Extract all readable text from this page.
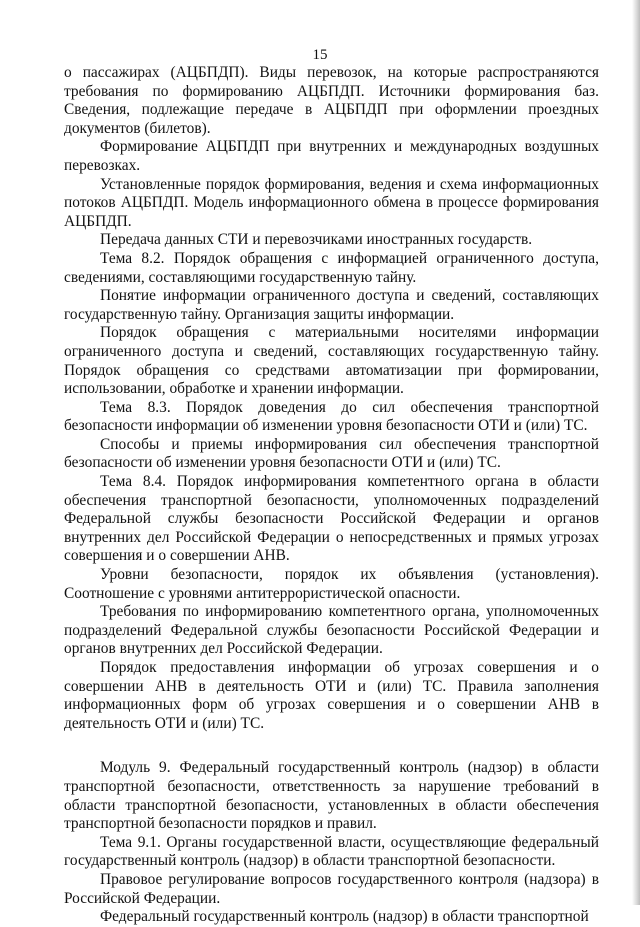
15

о пассажирах (АЦБПДП). Виды перевозок, на которые распространяются требования по формированию АЦБПДП. Источники формирования баз. Сведения, подлежащие передаче в АЦБПДП при оформлении проездных документов (билетов).

Формирование АЦБПДП при внутренних и международных воздушных перевозках.

Установленные порядок формирования, ведения и схема информационных потоков АЦБПДП. Модель информационного обмена в процессе формирования АЦБПДП.

Передача данных СТИ и перевозчиками иностранных государств.

Тема 8.2. Порядок обращения с информацией ограниченного доступа, сведениями, составляющими государственную тайну.

Понятие информации ограниченного доступа и сведений, составляющих государственную тайну. Организация защиты информации.

Порядок обращения с материальными носителями информации ограниченного доступа и сведений, составляющих государственную тайну. Порядок обращения со средствами автоматизации при формировании, использовании, обработке и хранении информации.

Тема 8.3. Порядок доведения до сил обеспечения транспортной безопасности информации об изменении уровня безопасности ОТИ и (или) ТС.

Способы и приемы информирования сил обеспечения транспортной безопасности об изменении уровня безопасности ОТИ и (или) ТС.

Тема 8.4. Порядок информирования компетентного органа в области обеспечения транспортной безопасности, уполномоченных подразделений Федеральной службы безопасности Российской Федерации и органов внутренних дел Российской Федерации о непосредственных и прямых угрозах совершения и о совершении АНВ.

Уровни безопасности, порядок их объявления (установления). Соотношение с уровнями антитеррористической опасности.

Требования по информированию компетентного органа, уполномоченных подразделений Федеральной службы безопасности Российской Федерации и органов внутренних дел Российской Федерации.

Порядок предоставления информации об угрозах совершения и о совершении АНВ в деятельность ОТИ и (или) ТС. Правила заполнения информационных форм об угрозах совершения и о совершении АНВ в деятельность ОТИ и (или) ТС.

Модуль 9. Федеральный государственный контроль (надзор) в области транспортной безопасности, ответственность за нарушение требований в области транспортной безопасности, установленных в области обеспечения транспортной безопасности порядков и правил.

Тема 9.1. Органы государственной власти, осуществляющие федеральный государственный контроль (надзор) в области транспортной безопасности.

Правовое регулирование вопросов государственного контроля (надзора) в Российской Федерации.

Федеральный государственный контроль (надзор) в области транспортной
